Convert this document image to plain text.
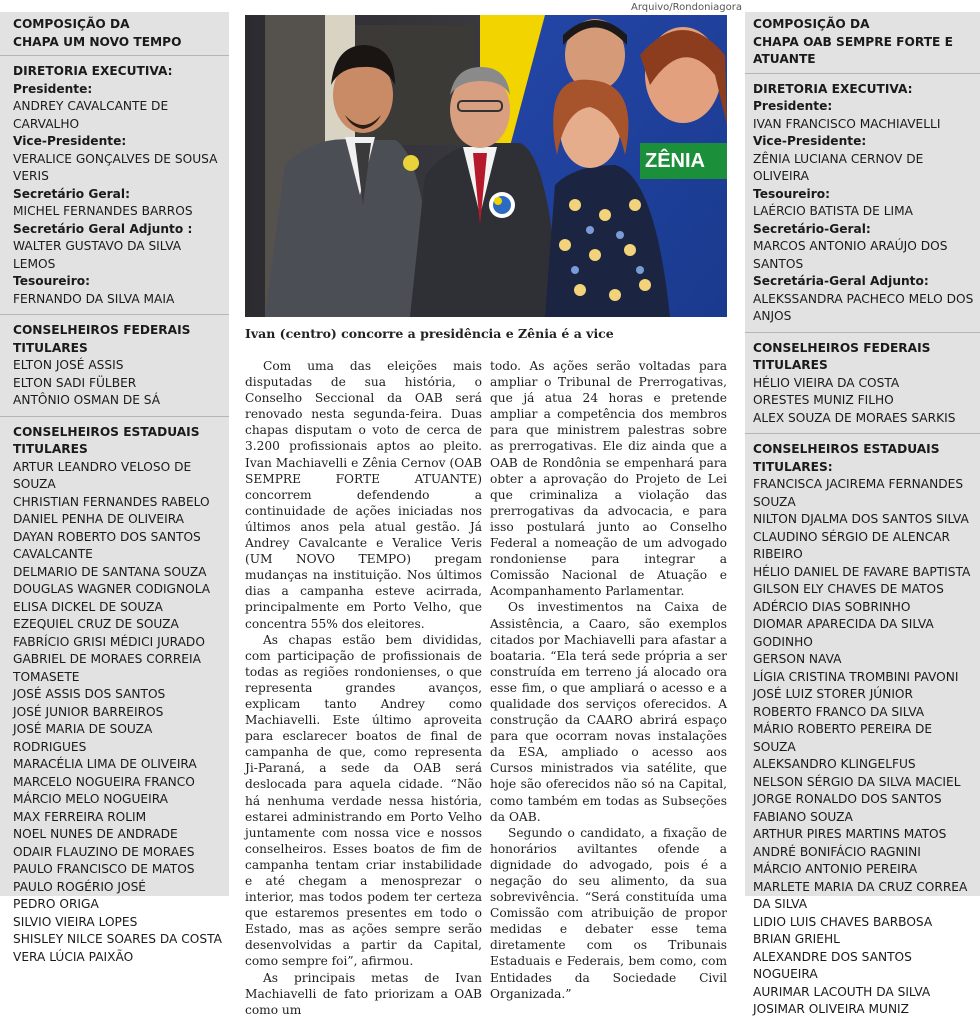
COMPOSIÇÃO DA
CHAPA UM NOVO TEMPO
DIRETORIA EXECUTIVA:
Presidente:
ANDREY CAVALCANTE DE CARVALHO
Vice-Presidente:
VERALICE GONÇALVES DE SOUSA VERIS
Secretário Geral:
MICHEL FERNANDES BARROS
Secretário Geral Adjunto :
WALTER GUSTAVO DA SILVA LEMOS
Tesoureiro:
FERNANDO DA SILVA MAIA
CONSELHEIROS FEDERAIS
TITULARES
ELTON JOSÉ ASSIS
ELTON SADI FÜLBER
ANTÔNIO OSMAN DE SÁ
CONSELHEIROS ESTADUAIS
TITULARES
ARTUR LEANDRO VELOSO DE SOUZA
CHRISTIAN FERNANDES RABELO
DANIEL PENHA DE OLIVEIRA
DAYAN ROBERTO DOS SANTOS CAVALCANTE
DELMARIO DE SANTANA SOUZA
DOUGLAS WAGNER CODIGNOLA
ELISA DICKEL DE SOUZA
EZEQUIEL CRUZ DE SOUZA
FABRÍCIO GRISI MÉDICI JURADO
GABRIEL DE MORAES CORREIA TOMASETE
JOSÉ ASSIS DOS SANTOS
JOSÉ JUNIOR BARREIROS
JOSÉ MARIA DE SOUZA RODRIGUES
MARACÉLIA LIMA DE OLIVEIRA
MARCELO NOGUEIRA FRANCO
MÁRCIO MELO NOGUEIRA
MAX FERREIRA ROLIM
NOEL NUNES DE ANDRADE
ODAIR FLAUZINO DE MORAES
PAULO FRANCISCO DE MATOS
PAULO ROGÉRIO JOSÉ
PEDRO ORIGA
SILVIO VIEIRA LOPES
SHISLEY NILCE SOARES DA COSTA
VERA LÚCIA PAIXÃO
Arquivo/Rondoniagora
ZÊNIA
Ivan (centro) concorre a presidência e Zênia é a vice

Com uma das eleições mais disputadas de sua história, o Conselho Seccional da OAB será renovado nesta segunda-feira. Duas chapas disputam o voto de cerca de 3.200 profissionais aptos ao pleito. Ivan Machiavelli e Zênia Cernov (OAB SEMPRE FORTE ATUANTE) concorrem defendendo a continuidade de ações iniciadas nos últimos anos pela atual gestão. Já Andrey Cavalcante e Veralice Veris (UM NOVO TEMPO) pregam mudanças na instituição. Nos últimos dias a campanha esteve acirrada, principalmente em Porto Velho, que concentra 55% dos eleitores.

As chapas estão bem divididas, com participação de profissionais de todas as regiões rondonienses, o que representa grandes avanços, explicam tanto Andrey como Machiavelli. Este último aproveita para esclarecer boatos de final de campanha de que, como representa Ji-Paraná, a sede da OAB será deslocada para aquela cidade. “Não há nenhuma verdade nessa história, estarei administrando em Porto Velho juntamente com nossa vice e nossos conselheiros. Esses boatos de fim de campanha tentam criar instabilidade e até chegam a menosprezar o interior, mas todos podem ter certeza que estaremos presentes em todo o Estado, mas as ações sempre serão desenvolvidas a partir da Capital, como sempre foi”, afirmou.

As principais metas de Ivan Machiavelli de fato priorizam a OAB como um

todo. As ações serão voltadas para ampliar o Tribunal de Prerrogativas, que já atua 24 horas e pretende ampliar a competência dos membros para que ministrem palestras sobre as prerrogativas. Ele diz ainda que a OAB de Rondônia se empenhará para obter a aprovação do Projeto de Lei que criminaliza a violação das prerrogativas da advocacia, e para isso postulará junto ao Conselho Federal a nomeação de um advogado rondoniense para integrar a Comissão Nacional de Atuação e Acompanhamento Parlamentar.

Os investimentos na Caixa de Assistência, a Caaro, são exemplos citados por Machiavelli para afastar a boataria. “Ela terá sede própria a ser construída em terreno já alocado ora esse fim, o que ampliará o acesso e a qualidade dos serviços oferecidos. A construção da CAARO abrirá espaço para que ocorram novas instalações da ESA, ampliado o acesso aos Cursos ministrados via satélite, que hoje são oferecidos não só na Capital, como também em todas as Subseções da OAB.

Segundo o candidato, a fixação de honorários aviltantes ofende a dignidade do advogado, pois é a negação do seu alimento, da sua sobrevivência. “Será constituída uma Comissão com atribuição de propor medidas e debater esse tema diretamente com os Tribunais Estaduais e Federais, bem como, com Entidades da Sociedade Civil Organizada.”

COMPOSIÇÃO DA
CHAPA OAB SEMPRE FORTE E ATUANTE
DIRETORIA EXECUTIVA:
Presidente:
IVAN FRANCISCO MACHIAVELLI
Vice-Presidente:
ZÊNIA LUCIANA CERNOV DE OLIVEIRA
Tesoureiro:
LAÉRCIO BATISTA DE LIMA
Secretário-Geral:
MARCOS ANTONIO ARAÚJO DOS SANTOS
Secretária-Geral Adjunto:
ALEKSSANDRA PACHECO MELO DOS ANJOS
CONSELHEIROS FEDERAIS
TITULARES
HÉLIO VIEIRA DA COSTA
ORESTES MUNIZ FILHO
ALEX SOUZA DE MORAES SARKIS
CONSELHEIROS ESTADUAIS
TITULARES:
FRANCISCA JACIREMA FERNANDES SOUZA
NILTON DJALMA DOS SANTOS SILVA
CLAUDINO SÉRGIO DE ALENCAR RIBEIRO
HÉLIO DANIEL DE FAVARE BAPTISTA
GILSON ELY CHAVES DE MATOS
ADÉRCIO DIAS SOBRINHO
DIOMAR APARECIDA DA SILVA GODINHO
GERSON NAVA
LÍGIA CRISTINA TROMBINI PAVONI
JOSÉ LUIZ STORER JÚNIOR
ROBERTO FRANCO DA SILVA
MÁRIO ROBERTO PEREIRA DE SOUZA
ALEKSANDRO KLINGELFUS
NELSON SÉRGIO DA SILVA MACIEL
JORGE RONALDO DOS SANTOS
FABIANO SOUZA
ARTHUR PIRES MARTINS MATOS
ANDRÉ BONIFÁCIO RAGNINI
MÁRCIO ANTONIO PEREIRA
MARLETE MARIA DA CRUZ CORREA DA SILVA
LIDIO LUIS CHAVES BARBOSA
BRIAN GRIEHL
ALEXANDRE DOS SANTOS NOGUEIRA
AURIMAR LACOUTH DA SILVA
JOSIMAR OLIVEIRA MUNIZ
